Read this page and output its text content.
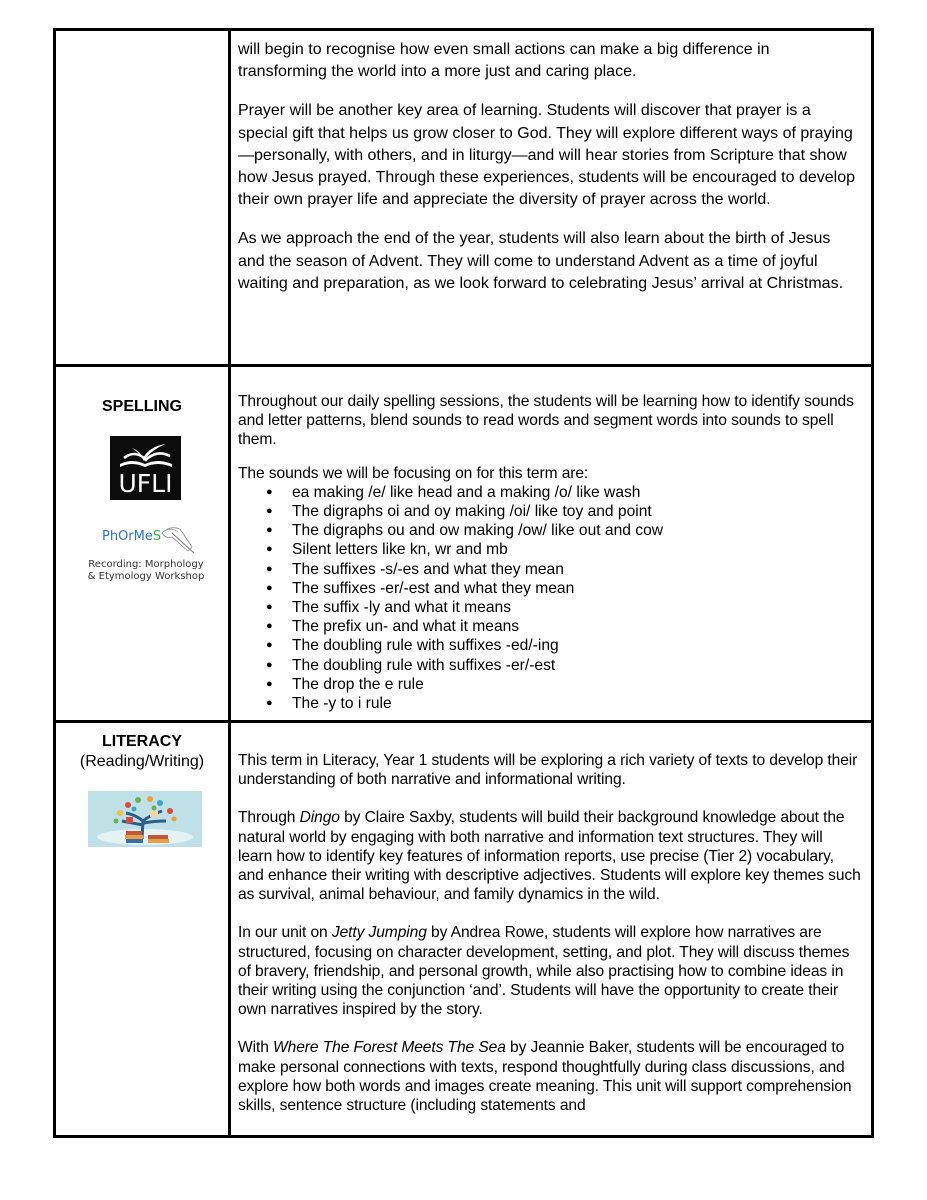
will begin to recognise how even small actions can make a big difference in transforming the world into a more just and caring place.

Prayer will be another key area of learning. Students will discover that prayer is a special gift that helps us grow closer to God. They will explore different ways of praying—personally, with others, and in liturgy—and will hear stories from Scripture that show how Jesus prayed. Through these experiences, students will be encouraged to develop their own prayer life and appreciate the diversity of prayer across the world.

As we approach the end of the year, students will also learn about the birth of Jesus and the season of Advent. They will come to understand Advent as a time of joyful waiting and preparation, as we look forward to celebrating Jesus’ arrival at Christmas.

SPELLING
UFLI
PhOrMeS
Recording: Morphology & Etymology Workshop

Throughout our daily spelling sessions, the students will be learning how to identify sounds and letter patterns, blend sounds to read words and segment words into sounds to spell them.

The sounds we will be focusing on for this term are:

● ea making /e/ like head and a making /o/ like wash
● The digraphs oi and oy making /oi/ like toy and point
● The digraphs ou and ow making /ow/ like out and cow
● Silent letters like kn, wr and mb
● The suffixes -s/-es and what they mean
● The suffixes -er/-est and what they mean
● The suffix -ly and what it means
● The prefix un- and what it means
● The doubling rule with suffixes -ed/-ing
● The doubling rule with suffixes -er/-est
● The drop the e rule
● The -y to i rule
LITERACY
(Reading/Writing)	This term in Literacy, Year 1 students will be exploring a rich variety of texts to develop their understanding of both narrative and informational writing.

Through Dingo by Claire Saxby, students will build their background knowledge about the natural world by engaging with both narrative and information text structures. They will learn how to identify key features of information reports, use precise (Tier 2) vocabulary, and enhance their writing with descriptive adjectives. Students will explore key themes such as survival, animal behaviour, and family dynamics in the wild.

In our unit on Jetty Jumping by Andrea Rowe, students will explore how narratives are structured, focusing on character development, setting, and plot. They will discuss themes of bravery, friendship, and personal growth, while also practising how to combine ideas in their writing using the conjunction ‘and’. Students will have the opportunity to create their own narratives inspired by the story.

With Where The Forest Meets The Sea by Jeannie Baker, students will be encouraged to make personal connections with texts, respond thoughtfully during class discussions, and explore how both words and images create meaning. This unit will support comprehension skills, sentence structure (including statements and
